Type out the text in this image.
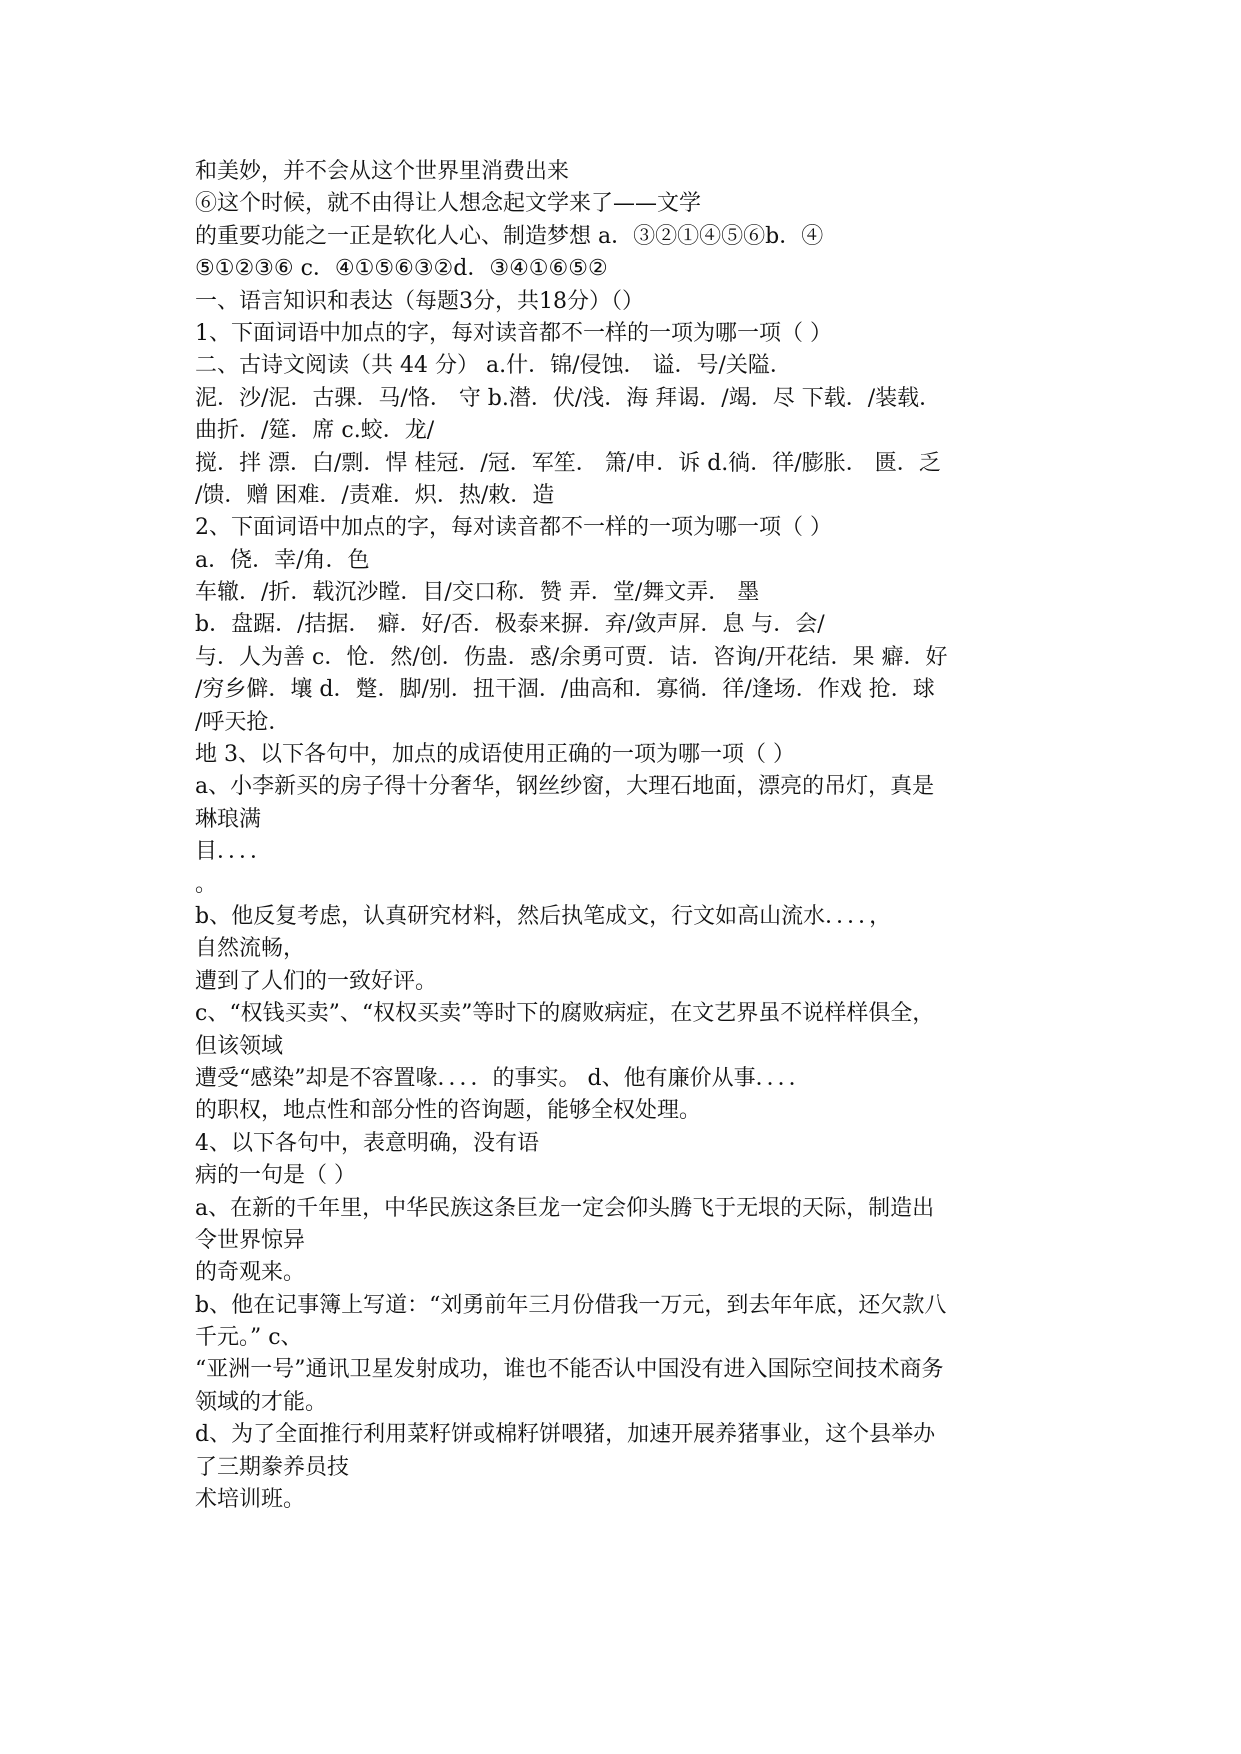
和美妙，并不会从这个世界里消费出来
⑥这个时候，就不由得让人想念起文学来了——文学
的重要功能之一正是软化人心、制造梦想 a．③②①④⑤⑥b．④
⑤①②③⑥ c．④①⑤⑥③②d．③④①⑥⑤②
一、语言知识和表达（每题3分，共18分）（）
1、下面词语中加点的字，每对读音都不一样的一项为哪一项（ ）
二、古诗文阅读（共 44 分） a.什．锦/侵蚀． 谥．号/关隘．
泥．沙/泥．古骒．马/恪． 守 b.潜．伏/浅．海 拜谒．/竭．尽 下载．/装载．
曲折．/筵．席 c.蛟．龙/
搅．拌 漂．白/剽．悍 桂冠．/冠．军笙． 箫/申．诉 d.徜．徉/膨胀． 匮．乏
/馈．赠 困难．/责难．炽．热/敕．造
2、下面词语中加点的字，每对读音都不一样的一项为哪一项（ ）
a．侥．幸/角．色
车辙．/折．载沉沙瞠．目/交口称．赞 弄．堂/舞文弄． 墨
b．盘踞．/拮据． 癖．好/否．极泰来摒．弃/敛声屏．息 与．会/
与．人为善 c．怆．然/创．伤蛊．惑/余勇可贾．诘．咨询/开花结．果 癖．好
/穷乡僻．壤 d．蹩．脚/别．扭干涸．/曲高和．寡徜．徉/逢场．作戏 抢．球
/呼天抢．
地 3、以下各句中，加点的成语使用正确的一项为哪一项（ ）
a、小李新买的房子得十分奢华，钢丝纱窗，大理石地面，漂亮的吊灯，真是
琳琅满
目．．．．
。
b、他反复考虑，认真研究材料，然后执笔成文，行文如高山流水．．．．，
自然流畅，
遭到了人们的一致好评。
c、“权钱买卖”、“权权买卖”等时下的腐败病症，在文艺界虽不说样样俱全，
但该领域
遭受“感染”却是不容置喙．．．．的事实。 d、他有廉价从事．．．．
的职权，地点性和部分性的咨询题，能够全权处理。
4、以下各句中，表意明确，没有语
病的一句是（ ）
a、在新的千年里，中华民族这条巨龙一定会仰头腾飞于无垠的天际，制造出
令世界惊异
的奇观来。
b、他在记事簿上写道：“刘勇前年三月份借我一万元，到去年年底，还欠款八
千元。” c、
“亚洲一号”通讯卫星发射成功，谁也不能否认中国没有进入国际空间技术商务
领域的才能。
d、为了全面推行利用菜籽饼或棉籽饼喂猪，加速开展养猪事业，这个县举办
了三期豢养员技
术培训班。
